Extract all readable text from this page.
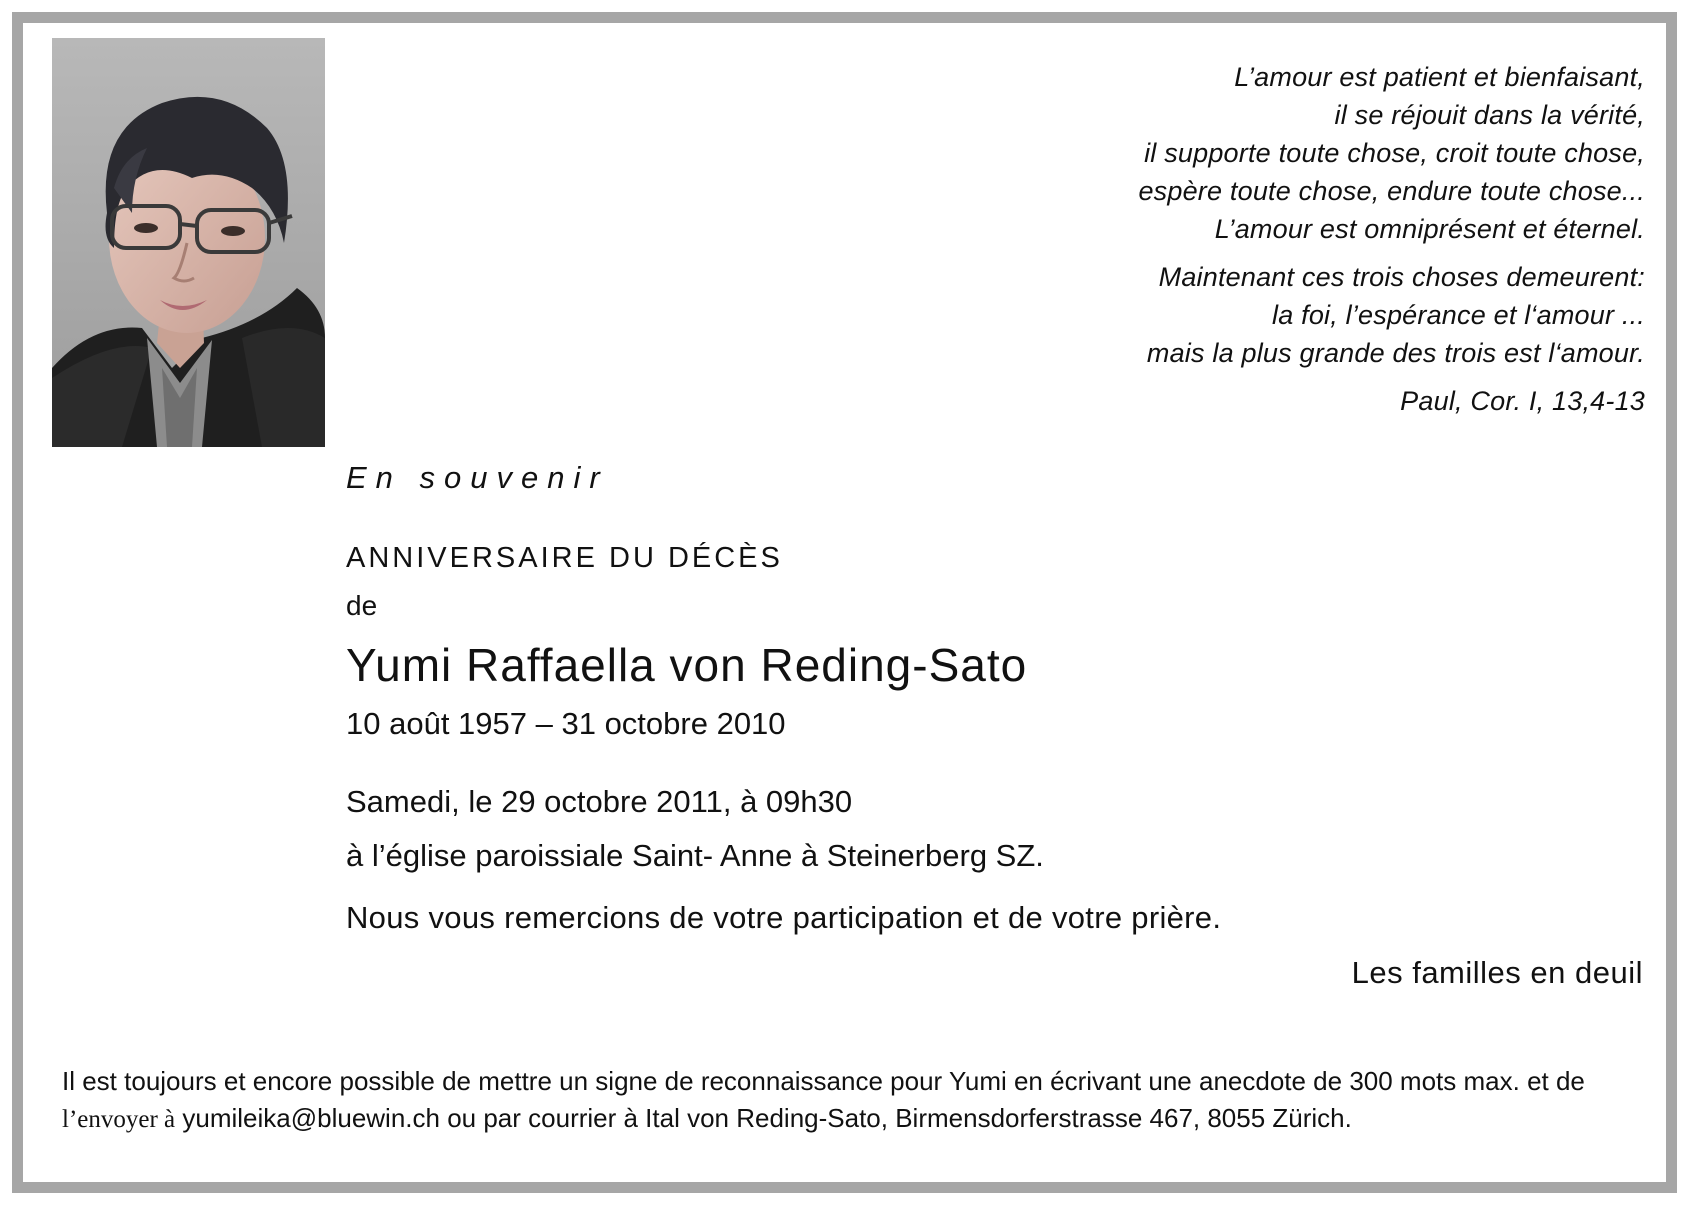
L’amour est patient et bienfaisant,
il se réjouit dans la vérité,
il supporte toute chose, croit toute chose,
espère toute chose, endure toute chose...
L’amour est omniprésent et éternel.
Maintenant ces trois choses demeurent:
la foi, l’espérance et l‘amour ...
mais la plus grande des trois est l‘amour.
Paul, Cor. I, 13,4-13
En souvenir
ANNIVERSAIRE DU DÉCÈS
de
Yumi Raffaella von Reding-Sato
10 août 1957 – 31 octobre 2010
Samedi, le 29 octobre 2011, à 09h30
à l’église paroissiale Saint- Anne à Steinerberg SZ.
Nous vous remercions de votre participation et de votre prière.
Les familles en deuil
Il est toujours et encore possible de mettre un signe de reconnaissance pour Yumi en écrivant une anecdote de 300 mots max. et de
l’envoyer à yumileika@bluewin.ch ou par courrier à Ital von Reding-Sato, Birmensdorferstrasse 467, 8055 Zürich.
